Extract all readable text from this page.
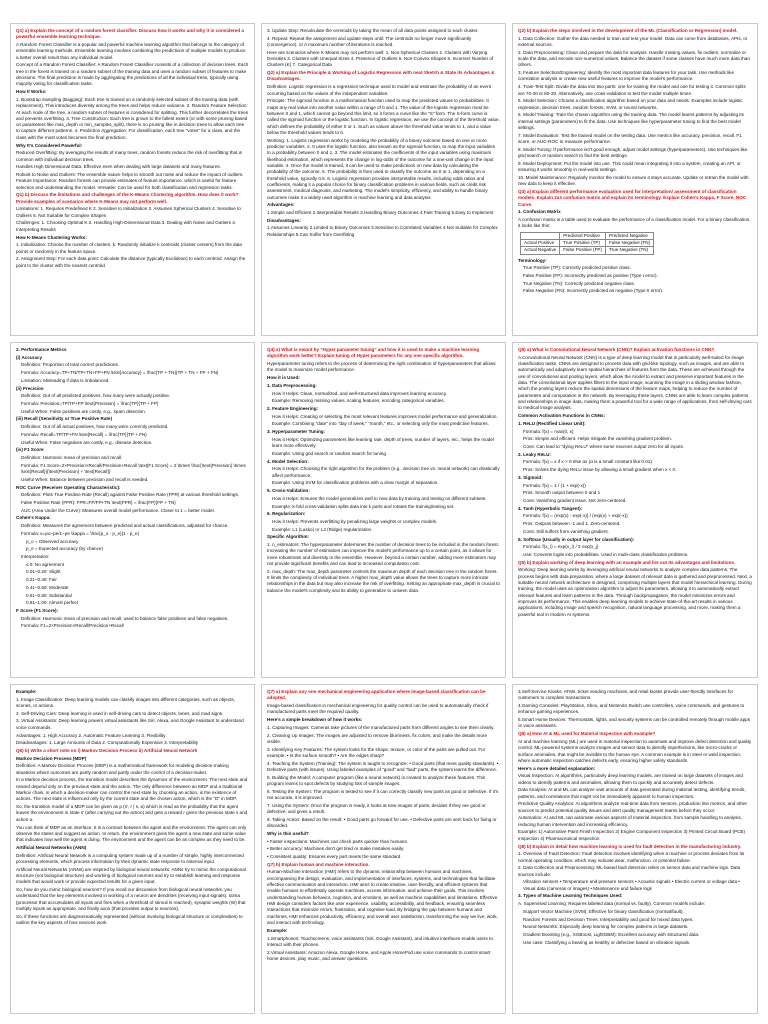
Q1) a) Explain the concept of a random forest classifier. Discuss how it works and why it is considered a powerful ensemble learning technique.

A Random Forest Classifier is a popular and powerful machine learning algorithm that belongs to the category of ensemble learning methods. Ensemble learning involves combining the predictions of multiple models to produce a better overall result than any individual model.

Concept of a Random Forest Classifier: A Random Forest Classifier consists of a collection of decision trees. Each tree in the forest is trained on a random subset of the training data and uses a random subset of features to make decisions. The final prediction is made by aggregating the predictions of all the individual trees, typically using majority voting for classification tasks.

How It Works:

1. Bootstrap Sampling (Bagging): Each tree is trained on a randomly selected subset of the training data (with replacement). This introduces diversity among the trees and helps reduce variance. 2. Random Feature Selection: At each node of the tree, a random subset of features is considered for splitting. This further decorrelates the trees and prevents overfitting. 3. Tree Construction: Each tree is grown to the fullest extent (or with some pruning based on parameters like max_depth or min_samples_split), there is no pruning like in decision trees to allow each tree to capture different patterns. 4. Prediction Aggregation: For classification, each tree "votes" for a class, and the class with the most votes becomes the final prediction.

Why It's Considered Powerful:

Reduced Overfitting: By averaging the results of many trees, random forests reduce the risk of overfitting that is common with individual decision trees.

Handles High Dimensional Data: Effective even when dealing with large datasets and many features.

Robust to Noise and Outliers: The ensemble nature helps to smooth out noise and reduce the impact of outliers. Feature Importance: Random forests can provide estimates of feature importance, which is useful for feature selection and understanding the model. Versatile: Can be used for both classification and regression tasks.

Q1) b) Discuss the limitations and challenges of the K-Means Clustering algorithm. How does it work? Provide examples of scenarios where K-Means may not perform well.

Limitations: 1. Requires Predefined K 2. Sensitive to Initialization 3. Assumes Spherical Clusters 4. Sensitive to Outliers 5. Not Suitable for Complex Shapes

Challenges: 1. Choosing Optimal K 2. Handling High-Dimensional Data 3. Dealing with Noise and Outliers 4. Interpreting Results

How K-Means Clustering Works:

1. Initialization: Choose the number of clusters, k. Randomly initialize k centroids (cluster centers) from the data points or randomly in the feature space.

2. Assignment Step: For each data point: Calculate the distance (typically Euclidean) to each centroid. Assign the point to the cluster with the nearest centroid.

3. Update Step: Recalculate the centroids by taking the mean of all data points assigned to each cluster.

4. Repeat: Repeat the assignment and update steps until: The centroids no longer move significantly (convergence), or A maximum number of iterations is reached.

Here are scenarios where K-Means may not perform well: 1. Non-Spherical Clusters 2. Clusters with Varying Densities 3. Clusters with Unequal Sizes 4. Presence of Outliers 5. Non-Convex Shapes 6. Incorrect Number of Clusters (K) 7. Categorical Data

Q2) a) Explain the Principle & Working of Logistic Regression with neat Sketch & State its Advantages & Disadvantages.

Definition: Logistic regression is a regression technique used to model and estimate the probability of an event occurring based on the values of the independent variables.

Principle: The sigmoid function is a mathematical function used to map the predicted values to probabilities. It maps any real value into another value within a range of 0 and 1. The value of the logistic regression must be between 0 and 1, which cannot go beyond this limit, so it forms a curve like the "S" form. The S-form curve is called the sigmoid function or the logistic function. In logistic regression, we use the concept of the threshold value, which defines the probability of either 0 or 1. Such as values above the threshold value tends to 1, and a value below the threshold values tends to 0.

Working: 1. Logistic regression works by modeling the probability of a binary outcome based on one or more predictor variables. 2. It uses the logistic function, also known as the sigmoid function, to map the input variables to a probability between 0 and 1. 3. The model estimates the coefficients of the input variables using maximum likelihood estimation, which represents the change in log-odds of the outcome for a one-unit change in the input variable. 4. Once the model is trained, it can be used to make predictions on new data by calculating the probability of the outcome. 5. The probability is then used to classify the outcome as 0 or 1, depending on a threshold value, typically 0.5. 6. Logistic regression provides interpretable results, including odds ratios and coefficients, making it a popular choice for binary classification problems in various fields, such as credit risk assessment, medical diagnosis, and marketing. The model's simplicity, efficiency, and ability to handle binary outcomes make it a widely used algorithm in machine learning and data analysis.

Advantages:

1.Simple and Efficient 2.Interpretable Results 3.Handling Binary Outcomes 4.Fast Training 5.Easy to Implement

Disadvantages:

1.Assumes Linearity 2.Limited to Binary Outcomes 3.Sensitive to Correlated Variables 4.Not Suitable for Complex Relationships 5.Can Suffer from Overfitting

Q2) b) Explain the steps involved in the development of the ML (Classification or Regression) model.

1. Data Collection: Gather the data needed to train and test your model. Data can come from databases, APIs, or external sources.

2. Data Preprocessing: Clean and prepare the data for analysis. Handle missing values, fix outliers, normalize or scale the data, and encode non-numerical values. Balance the dataset if some classes have much more data than others.

3. Feature Selection/Engineering: Identify the most important data features for your task. Use methods like correlation analysis or create new useful features to improve the model's performance.

4. Train-Test Split: Divide the data into two parts: one for training the model and one for testing it. Common splits are 70-30 or 80-20. Alternatively, use cross-validation to test the model multiple times.

5. Model Selection: Choose a classification algorithm based on your data and needs. Examples include logistic regression, decision trees, random forests, SVM, or neural networks.

6. Model Training: Train the chosen algorithm using the training data. The model learns patterns by adjusting its internal settings (parameters) to fit the data. Use techniques like hyperparameter tuning to find the best model settings.

7. Model Evaluation: Test the trained model on the testing data. Use metrics like accuracy, precision, recall, F1 score, or AUC-ROC to measure performance.

8. Model Tuning: If performance isn't good enough, adjust model settings (hyperparameters). Use techniques like grid search or random search to find the best settings.

9. Model Deployment: Put the model into use. This could mean integrating it into a system, creating an API, or ensuring it works smoothly in real-world settings.

10. Model Maintenance: Regularly monitor the model to ensure it stays accurate. Update or retrain the model with new data to keep it effective.

Q3) a) Explain different performance evaluation used for interpretation/ assessment of classification models. Explain 2x2 confusion matrix and explain its terminology. Explain Cohen's Kappa, F Score, ROC Curve.

1. Confusion Matrix

A confusion matrix is a table used to evaluate the performance of a classification model. For a binary classification, it looks like this:

	Predicted Positive	Predicted Negative
Actual Positive	True Positive (TP)	False Negative (FN)
Actual Negative	False Positive (FP)	True Negative (TN)

Terminology:

True Positive (TP): Correctly predicted positive class.

False Positive (FP): Incorrectly predicted as positive (Type I error).

True Negative (TN): Correctly predicted negative class.

False Negative (FN): Incorrectly predicted as negative (Type II error).

2. Performance Metrics

(i) Accuracy

Definition: Proportion of total correct predictions.

Formula: Accuracy=TP+TN/TP+TN+FP+FN \text{Accuracy} = \frac{TP + TN}{TP + TN + FP + FN}

Limitation: Misleading if data is imbalanced.

(ii) Precision

Definition: Out of all predicted positives, how many were actually positive.

Formula: Precision=TP/TP+FP \text{Precision} = \frac{TP}{TP + FP}

Useful When: False positives are costly, e.g., spam detection.

(iii) Recall (Sensitivity or True Positive Rate)

Definition: Out of all actual positives, how many were correctly predicted.

Formula: Recall=TP/TP+FN \text{Recall} = \frac{TP}{TP + FN}

Useful When: False negatives are costly, e.g., disease detection.

(iv) F1 Score

Definition: Harmonic mean of precision and recall.

Formula: F1 Score=2×Precision×Recall/Precision+Recall \text{F1 Score} = 2 \times \frac{\text{Precision} \times \text{Recall}}{\text{Precision} + \text{Recall}}

Useful When: Balance between precision and recall is needed.

ROC Curve (Receiver Operating Characteristic):

Definition: Plots True Positive Rate (Recall) against False Positive Rate (FPR) at various threshold settings.

False Positive Rate (FPR): FPR=FP/FP+TN \text{FPR} = \frac{FP}{FP + TN}

AUC (Area Under the Curve): Measures overall model performance. Closer to 1 = better model.

Cohen's Kappa:

Definition: Measures the agreement between predicted and actual classifications, adjusted for chance.

Formula: κ=po−pe/1−pe \kappa = \frac{p_o - p_e}{1 - p_e}

p_o = Observed accuracy

p_e = Expected accuracy (by chance)

Interpretation:

≤ 0: No agreement

0.01–0.20: Slight

0.21–0.40: Fair

0.41–0.60: Moderate

0.61–0.80: Substantial

0.81–1.00: Almost perfect

F Score (F1 Score):

Definition: Harmonic mean of precision and recall, used to balance false positives and false negatives.

Formula: F1=2×Precision×Recall/Precision+Recall

Q4) a) What is meant by "Hyper parameter tuning" and how it is used to make a machine learning algorithm work better? Explain tuning of Hyper parameters for any one specific algorithm.

Hyperparameter tuning refers to the process of determining the right combination of hyperparameters that allows the model to maximize model performance.

How it is Used:

1. Data Preprocessing:

How it Helps: Clean, normalized, and well-structured data improves learning accuracy.

Example: Removing missing values, scaling features, encoding categorical variables.

2. Feature Engineering:

How it Helps: Creating or selecting the most relevant features improves model performance and generalization.

Example: Combining "date" into "day of week," "month," etc., or selecting only the most predictive features.

3. Hyperparameter Tuning:

How it Helps: Optimizing parameters like learning rate, depth of trees, number of layers, etc., helps the model learn more effectively.

Example: Using grid search or random search for tuning.

4. Model Selection:

How it Helps: Choosing the right algorithm for the problem (e.g., decision tree vs. neural network) can drastically affect performance.

Example: Using SVM for classification problems with a clear margin of separation.

5. Cross-Validation:

How it Helps: Ensures the model generalizes well to new data by training and testing on different subsets.

Example: k-fold cross-validation splits data into k parts and rotates the training/testing set.

6. Regularization:

How it Helps: Prevents overfitting by penalizing large weights or complex models.

Example: L1 (Lasso) or L2 (Ridge) regularization.

Specific Algorithm:

1. n_estimators: The hyperparameter determines the number of decision trees to be included in the random forest. Increasing the number of estimators can improve the model's performance up to a certain point, as it allows for more robustness and diversity in the ensemble. However, beyond a certain number, adding more estimators may not provide significant benefits and can lead to increased computation cost.

2. max_depth: The max_depth parameter controls the maximum depth of each decision tree in the random forest. It limits the complexity of individual trees. A higher max_depth value allows the trees to capture more intricate relationships in the data but may also increase the risk of overfitting. Setting an appropriate max_depth is crucial to balance the model's complexity and its ability to generalize to unseen data.

Q5) a) What is Convolutional Neural Network (CNN)? Explain activation functions in CNN?

A Convolutional Neural Network (CNN) is a type of deep learning model that is particularly well-suited for image classification tasks. CNNs are designed to process data with grid-like topology, such as images, and are able to automatically and adaptively learn spatial hierarchies of features from the data. These are achieved through the use of convolutional and pooling layers, which allow the model to extract and preserve important features in the data. The convolutional layer applies filters to the input image, scanning the image in a sliding window fashion, which the pooling layers reduce the spatial dimensions of the feature maps, helping to reduce the number of parameters and computation in the network. By leveraging these layers, CNNs are able to learn complex patterns and relationships in image data, making them a powerful tool for a wide range of applications, from self-driving cars to medical image analysis.

Common Activation Functions in CNNs:

1. ReLU (Rectified Linear Unit):

Formula: f(x) = max(0, x)

Pros: Simple and efficient. Helps mitigate the vanishing gradient problem.

Cons: Can lead to "dying ReLU" where some neurons output zero for all inputs.

2. Leaky ReLU:

Formula: f(x) = x if x > 0 else αx (α is a small constant like 0.01)

Pros: Solves the dying ReLU issue by allowing a small gradient when x < 0.

3. Sigmoid:

Formula: f(x) = 1 / (1 + exp(-x))

Pros: Smooth output between 0 and 1

Cons: Vanishing gradient issue. Not zero-centered.

4. Tanh (Hyperbolic Tangent):

Formula: f(x) = (exp(x) - exp(-x)) / (exp(x) + exp(-x))

Pros: Outputs between -1 and 1. Zero-centered.

Cons: Still suffers from vanishing gradient.

5. Softmax (Usually in output layer for classification):

Formula: f(x_i) = exp(x_i) / Σ exp(x_j)

Use: Converts logits into probabilities. Used in multi-class classification problems.

Q5) b) Explain working of deep learning with an example and list out its advantages and limitations.

Working: Deep learning works by leveraging artificial neural networks to analyze complex data patterns. The process begins with data preparation, where a large dataset of relevant data is gathered and preprocessed. Next, a suitable neural network architecture is designed, comprising multiple layers that model hierarchical learning. During training, the model uses an optimization algorithm to adjust its parameters, allowing it to automatically extract relevant features and learn patterns in the data. Through backpropagation, the model minimizes errors and improves its performance. This enables deep learning models to achieve state-of-the-art results in various applications, including image and speech recognition, natural language processing, and more, making them a powerful tool in modern AI systems.

Example:

1. Image Classification: Deep learning models can classify images into different categories, such as objects, scenes, or actions.

2. Self-Driving Cars: Deep learning is used in self-driving cars to detect objects, lanes, and road signs.

3. Virtual Assistants: Deep learning powers virtual assistants like Siri, Alexa, and Google Assistant to understand voice commands.

Advantages: 1. High Accuracy 2. Automatic Feature Learning 3. Flexibility

Disadvantages: 1. Large Amounts of Data 2. Computationally Expensive 3. Interpretability

Q6) b) Write a short note on i) Markov Decision Process ii) Artificial Neural Network

Markov Decision Process (MDP)

Definition: A Markov Decision Process (MDP) is a mathematical framework for modeling decision-making situations where outcomes are partly random and partly under the control of a decision-maker.

In a Markov decision process, the transition model describes the dynamics of the environment. The next state and reward depend only on the previous state and the action. The only difference between an MDP and a traditional Markov chain, in which a decision-maker can control the next state by choosing an action, is the existence of actions. The next state is influenced only by the current state and the chosen action, which is the "D" in MDP.

So, the transition model of a MDP can be given as p (s', r | s, a) which is read as the probability that the agent leaves the environment in state s' (after carrying out the action) and gets a reward r given the previous state s and action a.

You can think of MDP as an interface. It is a contract between the agent and the environment. The agent can only observe the states and suggest an action. In return, the environment gives the agent a new state and some value that indicates how well the agent is doing. The environment and the agent can be as complex as they need to be.

Artificial Neural Networks (ANN)

Definition: Artificial Neural Network is a computing system made up of a number of simple, highly interconnected processing elements, which process information by their dynamic state response to external input.

Artificial Neural Networks (ANNs) are inspired by biological neural networks. ANNs try to mimic the computational structure (not biological structure) and working of biological neurons and try to establish learning and response models that would work or provide expected results for a given input.

So, how do you mimic biological neurons? If you recall our discussion from biological neural networks, you understand that the key elements involved in working of a neuron are dendrites (receiving input signals), soma (processor that accumulates all inputs and fires when a threshold of stimuli is reached), synaptic weights (W) that multiply inputs as appropriate, and finally axon (that provides output to neurons).

So, if these functions are diagrammatically represented (without involving biological structure or complexities) to outline the key aspects of how neurons work.

Q7) a) Explain any one mechanical engineering application where image-based classification can be adopted.

Image-based classification in mechanical engineering for quality control can be used to automatically check if manufactured parts meet the required quality.

Here's a simple breakdown of how it works:

1. Capturing Images: Cameras take pictures of the manufactured parts from different angles to see them clearly.

2. Cleaning Up Images: The images are adjusted to remove blurriness, fix colors, and make the details more visible.

3. Identifying Key Features: The system looks for the shape, texture, or color of the parts are pulled out. For example: • Is the surface smooth? • Are the edges sharp?

4. Teaching the System (Training): The system is taught to recognize: • Good parts (that meet quality standards). • Defective parts (with issues). Using labeled examples of "good" and "bad" parts, the system learns the difference.

5. Building the Model: A computer program (like a neural network) is created to analyze these features. This program learns to spot defects by studying lots of sample images.

6. Testing the System: The program is tested to see if it can correctly classify new parts as good or defective. If it's not accurate, it is improved.

7. Using the System: Once the program is ready, it looks at new images of parts, decides if they are good or defective, and gives a result.

8. Taking Action: Based on the result: • Good parts go forward for use. • Defective parts are sent back for fixing or discarded.

Why is this useful?

• Faster inspections: Machines can check parts quicker than humans.

• Better accuracy: Machines don't get tired or make mistakes easily.

• Consistent quality: Ensures every part meets the same standard.

Q7) b) Explain human and machine interaction.

Human-Machine Interaction (HMI) refers to the dynamic relationship between humans and machines, encompassing the design, evaluation, and implementation of interfaces, systems, and technologies that facilitate effective communication and interaction. HMI aims to create intuitive, user-friendly, and efficient systems that enable humans to effortlessly operate machines, access information, and achieve their goals. This involves understanding human behavior, cognition, and emotions, as well as machine capabilities and limitations. Effective HMI design considers factors like user experience, usability, accessibility, and feedback, ensuring seamless interactions that minimize errors, frustration, and cognitive load. By bridging the gap between humans and machines, HMI enhances productivity, efficiency, and overall user satisfaction, transforming the way we live, work, and interact with technology.

Example:

1.Smartphones: Touchscreens, voice assistants (Siri, Google Assistant), and intuitive interfaces enable users to interact with their phones.

2.Virtual Assistants: Amazon Alexa, Google Home, and Apple HomePod use voice commands to control smart home devices, play music, and answer questions.

3.Self-Service Kiosks: ATMs, ticket vending machines, and retail kiosks provide user-friendly interfaces for customers to complete transactions.

4.Gaming Consoles: PlayStation, Xbox, and Nintendo Switch use controllers, voice commands, and gestures to enhance gaming experiences.

5.Smart Home Devices: Thermostats, lights, and security systems can be controlled remotely through mobile apps or voice assistants.

Q8) a) How AI & ML used for Material Inspection with example?

AI and machine learning (ML) are used in material inspection to automate and improve defect detection and quality control. ML-powered systems analyze images and sensor data to identify imperfections, like micro-cracks or surface anomalies, that might be invisible to the human eye. A common example is in steel or weld inspection, where automatic inspection catches defects early, ensuring higher safety standards.

Here's a more detailed explanation:

Visual Inspection: AI algorithms, particularly deep learning models, are trained on large datasets of images and videos to identify patterns and anomalies, allowing them to quickly and accurately detect defects.

Data Analysis: AI and ML can analyze vast amounts of data generated during material testing, identifying trends, patterns, and correlations that might not be immediately apparent to human inspectors.

Predictive Quality Analytics: AI algorithms analyze real-time data from sensors, production line metrics, and other sources to predict potential quality issues and alert quality management teams before they occur.

Automation: AI and ML can automate various aspects of material inspection, from sample handling to analysis, reducing human intervention and increasing efficiency.

Example: 1) Automotive Paint Finish Inspection 2) Engine Component Inspection 3) Printed Circuit Board (PCB) Inspection 4) Pharmaceutical Inspection

Q8) b) Explain in detail how machine learning is used for fault detection in the manufacturing industry.

1. Overview of Fault Detection: Fault detection involves identifying when a machine or process deviates from its normal operating condition, which may indicate wear, malfunction, or potential failure.

2. Data Collection and Preprocessing: ML-based fault detection relies on sensor data and machine logs. Data sources include:

Vibration sensors • Temperature and pressure sensors • Acoustic signals • Electric current or voltage data • Visual data (cameras or images) • Maintenance and failure logs

3. Types of Machine Learning Techniques Used:

A. Supervised Learning: Requires labeled data (normal vs. faulty). Common models include:

Support Vector Machine (SVM): Effective for binary classification (normal/fault).

Random Forests and Decision Trees: Interpretability and good for mixed data types.

Neural Networks: Especially deep learning for complex patterns in large datasets.

Gradient Boosting (e.g., XGBoost, LightGBM): Excellent accuracy with structured data.

Use case: Classifying a bearing as healthy or defective based on vibration signals.
